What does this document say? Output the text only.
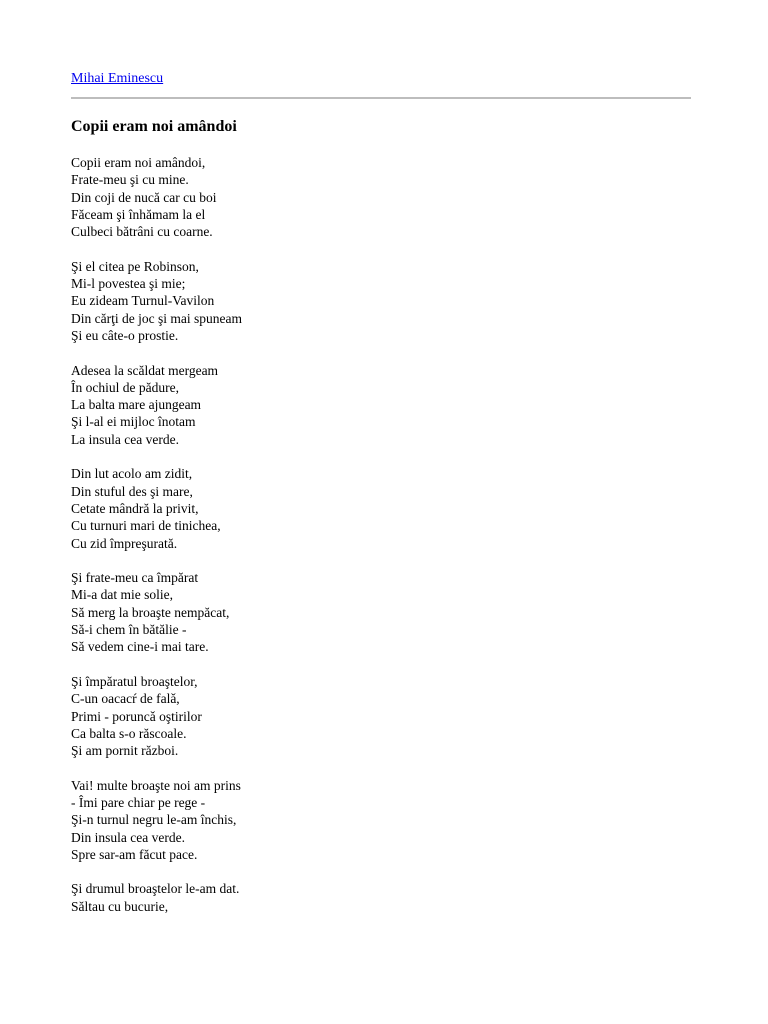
Mihai Eminescu
Copii eram noi amândoi
Copii eram noi amândoi,
Frate-meu şi cu mine.
Din coji de nucă car cu boi
Făceam şi înhămam la el
Culbeci bătrâni cu coarne.
Şi el citea pe Robinson,
Mi-l povestea şi mie;
Eu zideam Turnul-Vavilon
Din cărţi de joc şi mai spuneam
Şi eu câte-o prostie.
Adesea la scăldat mergeam
În ochiul de pădure,
La balta mare ajungeam
Şi l-al ei mijloc înotam
La insula cea verde.
Din lut acolo am zidit,
Din stuful des şi mare,
Cetate mândră la privit,
Cu turnuri mari de tinichea,
Cu zid împreşurată.
Şi frate-meu ca împărat
Mi-a dat mie solie,
Să merg la broaşte nempăcat,
Să-i chem în bătălie -
Să vedem cine-i mai tare.
Şi împăratul broaştelor,
C-un oacacŕ de falǎ,
Primi - poruncǎ oştirilor
Ca balta s-o răscoale.
Şi am pornit război.
Vai! multe broaşte noi am prins
- Îmi pare chiar pe rege -
Şi-n turnul negru le-am închis,
Din insula cea verde.
Spre sar-am făcut pace.
Şi drumul broaştelor le-am dat.
Săltau cu bucurie,
